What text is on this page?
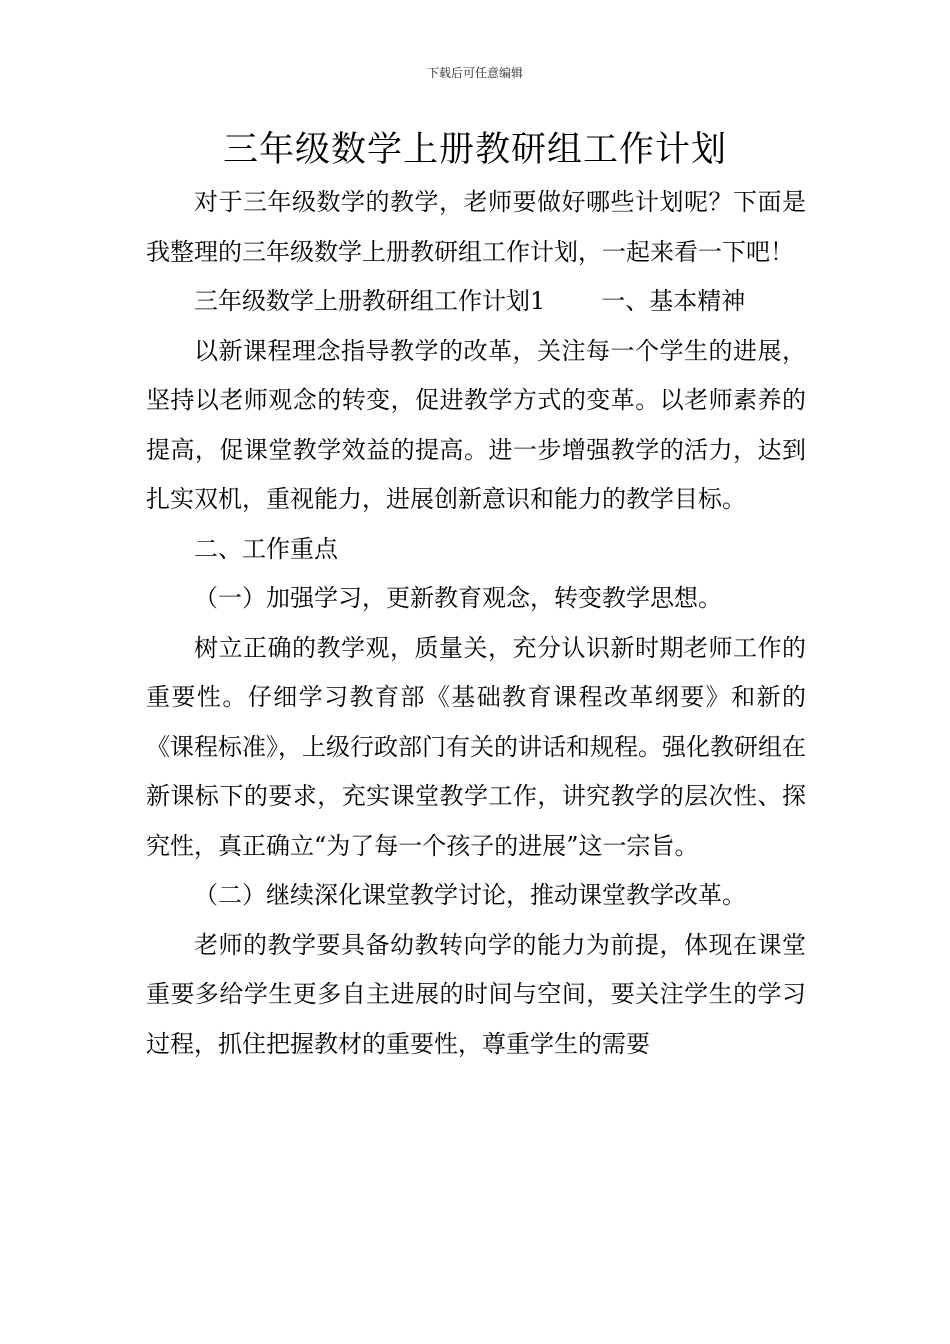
下载后可任意编辑
三年级数学上册教研组工作计划

对于三年级数学的教学，老师要做好哪些计划呢？下面是我整理的三年级数学上册教研组工作计划，一起来看一下吧！

三年级数学上册教研组工作计划1 一、基本精神

以新课程理念指导教学的改革，关注每一个学生的进展，坚持以老师观念的转变，促进教学方式的变革。以老师素养的提高，促课堂教学效益的提高。进一步增强教学的活力，达到扎实双机，重视能力，进展创新意识和能力的教学目标。

二、工作重点

（一）加强学习，更新教育观念，转变教学思想。

树立正确的教学观，质量关，充分认识新时期老师工作的重要性。仔细学习教育部《基础教育课程改革纲要》和新的《课程标准》，上级行政部门有关的讲话和规程。强化教研组在新课标下的要求，充实课堂教学工作，讲究教学的层次性、探究性，真正确立“为了每一个孩子的进展”这一宗旨。

（二）继续深化课堂教学讨论，推动课堂教学改革。

老师的教学要具备幼教转向学的能力为前提，体现在课堂重要多给学生更多自主进展的时间与空间，要关注学生的学习过程，抓住把握教材的重要性，尊重学生的需要
